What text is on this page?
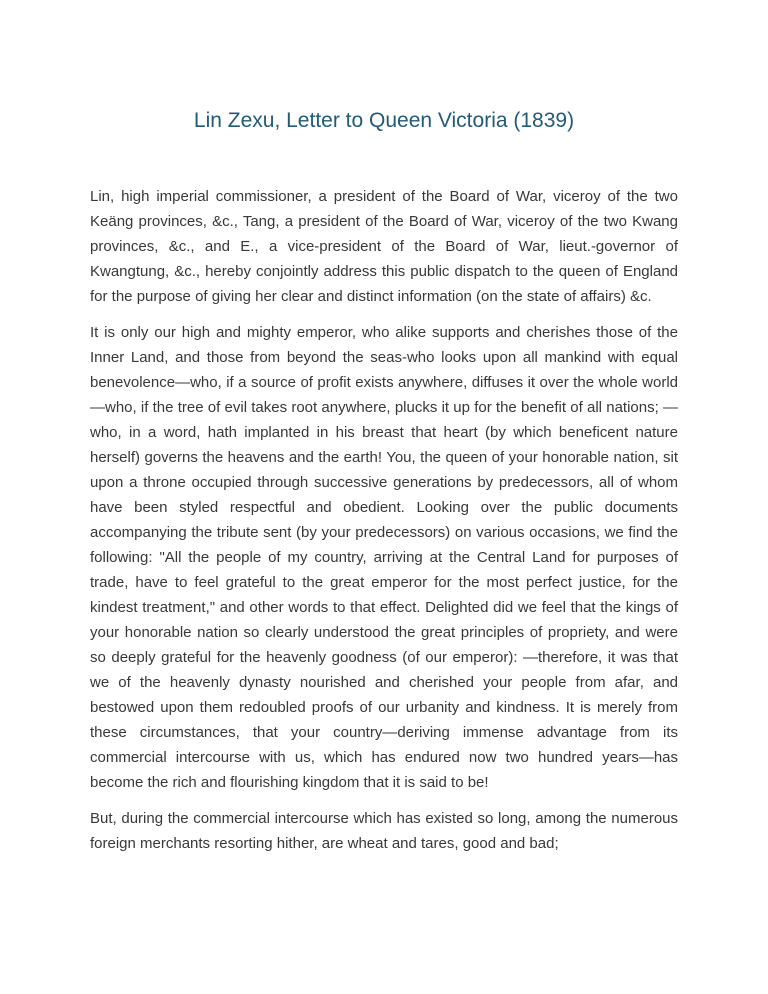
Lin Zexu, Letter to Queen Victoria (1839)

Lin, high imperial commissioner, a president of the Board of War, viceroy of the two Keäng provinces, &c., Tang, a president of the Board of War, viceroy of the two Kwang provinces, &c., and E., a vice-president of the Board of War, lieut.-governor of Kwangtung, &c., hereby conjointly address this public dispatch to the queen of England for the purpose of giving her clear and distinct information (on the state of affairs) &c.

It is only our high and mighty emperor, who alike supports and cherishes those of the Inner Land, and those from beyond the seas-who looks upon all mankind with equal benevolence—who, if a source of profit exists anywhere, diffuses it over the whole world—who, if the tree of evil takes root anywhere, plucks it up for the benefit of all nations; —who, in a word, hath implanted in his breast that heart (by which beneficent nature herself) governs the heavens and the earth! You, the queen of your honorable nation, sit upon a throne occupied through successive generations by predecessors, all of whom have been styled respectful and obedient. Looking over the public documents accompanying the tribute sent (by your predecessors) on various occasions, we find the following: "All the people of my country, arriving at the Central Land for purposes of trade, have to feel grateful to the great emperor for the most perfect justice, for the kindest treatment," and other words to that effect. Delighted did we feel that the kings of your honorable nation so clearly understood the great principles of propriety, and were so deeply grateful for the heavenly goodness (of our emperor): —therefore, it was that we of the heavenly dynasty nourished and cherished your people from afar, and bestowed upon them redoubled proofs of our urbanity and kindness. It is merely from these circumstances, that your country—deriving immense advantage from its commercial intercourse with us, which has endured now two hundred years—has become the rich and flourishing kingdom that it is said to be!

But, during the commercial intercourse which has existed so long, among the numerous foreign merchants resorting hither, are wheat and tares, good and bad;
